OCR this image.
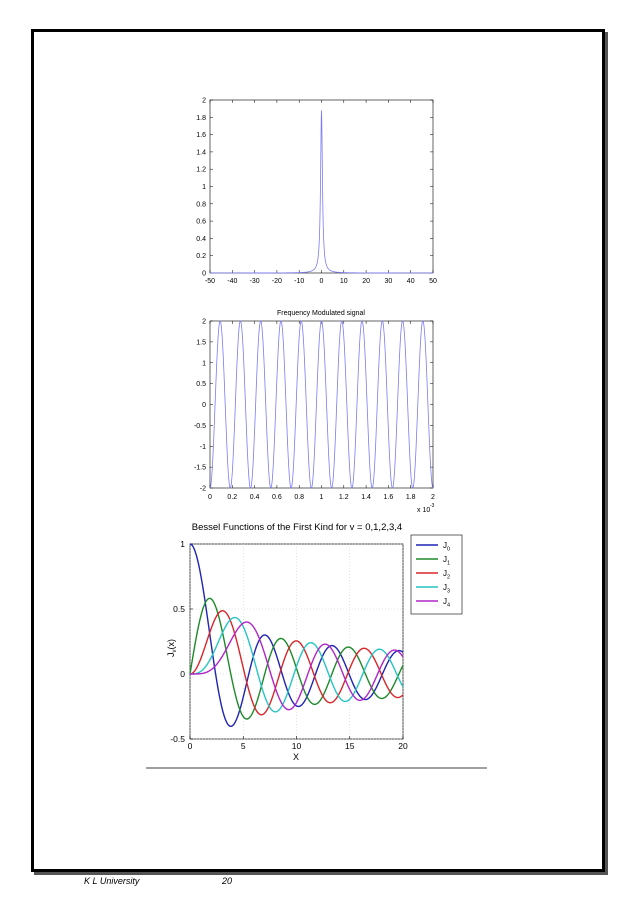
-50 -40 -30 -20 -10 0 10 20 30 40 50
0
0.2
0.4
0.6
0.8
1
1.2
1.4
1.6
1.8
2
Frequency Modulated signal
0 0.2 0.4 0.6 0.8 1 1.2 1.4 1.6 1.8 2
-2
-1.5
-1
-0.5
0
0.5
1
1.5
2
x 10
-3
Bessel Functions of the First Kind for v = 0,1,2,3,4
0	5	10	15	20
-0.5
0
0.5
1
X
$J_v(x)$
$J_0$
$J_1$
$J_2$
$J_3$
$J_4$
K L University	20
